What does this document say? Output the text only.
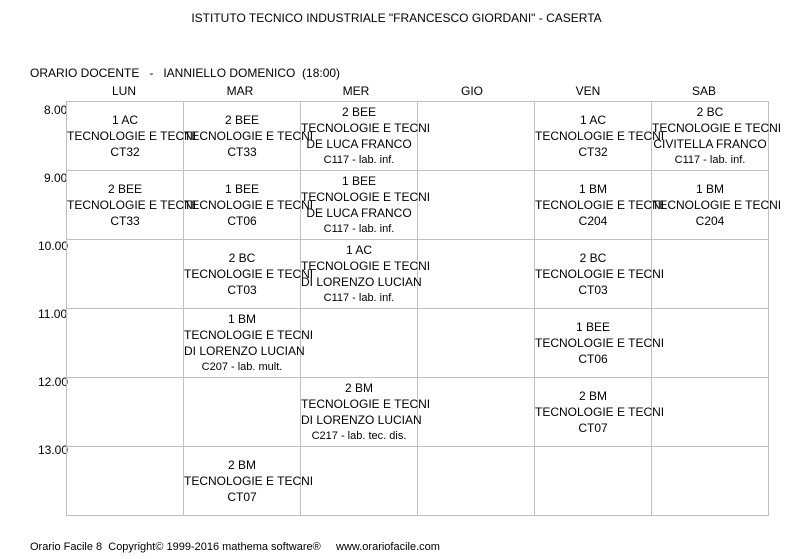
ISTITUTO TECNICO INDUSTRIALE "FRANCESCO GIORDANI" - CASERTA
ORARIO DOCENTE   -   IANNIELLO DOMENICO  (18:00)
LUN	MAR	MER	GIO	VEN	SAB
8.00
9.00
10.00
11.00
12.00
13.00
1 AC
TECNOLOGIE E TECNI
CT32	2 BEE
TECNOLOGIE E TECNI
CT33	2 BEE
TECNOLOGIE E TECNI
DE LUCA FRANCO
C117 - lab. inf.		1 AC
TECNOLOGIE E TECNI
CT32	2 BC
TECNOLOGIE E TECNI
CIVITELLA FRANCO
C117 - lab. inf.

2 BEE
TECNOLOGIE E TECNI
CT33	1 BEE
TECNOLOGIE E TECNI
CT06	1 BEE
TECNOLOGIE E TECNI
DE LUCA FRANCO
C117 - lab. inf.		1 BM
TECNOLOGIE E TECNI
C204	1 BM
TECNOLOGIE E TECNI
C204

	2 BC
TECNOLOGIE E TECNI
CT03	1 AC
TECNOLOGIE E TECNI
DI LORENZO LUCIAN
C117 - lab. inf.		2 BC
TECNOLOGIE E TECNI
CT03	

	1 BM
TECNOLOGIE E TECNI
DI LORENZO LUCIAN
C207 - lab. mult.			1 BEE
TECNOLOGIE E TECNI
CT06	

		2 BM
TECNOLOGIE E TECNI
DI LORENZO LUCIAN
C217 - lab. tec. dis.		2 BM
TECNOLOGIE E TECNI
CT07	

	2 BM
TECNOLOGIE E TECNI
CT07				

Orario Facile 8  Copyright© 1999-2016 mathema software®     www.orariofacile.com
